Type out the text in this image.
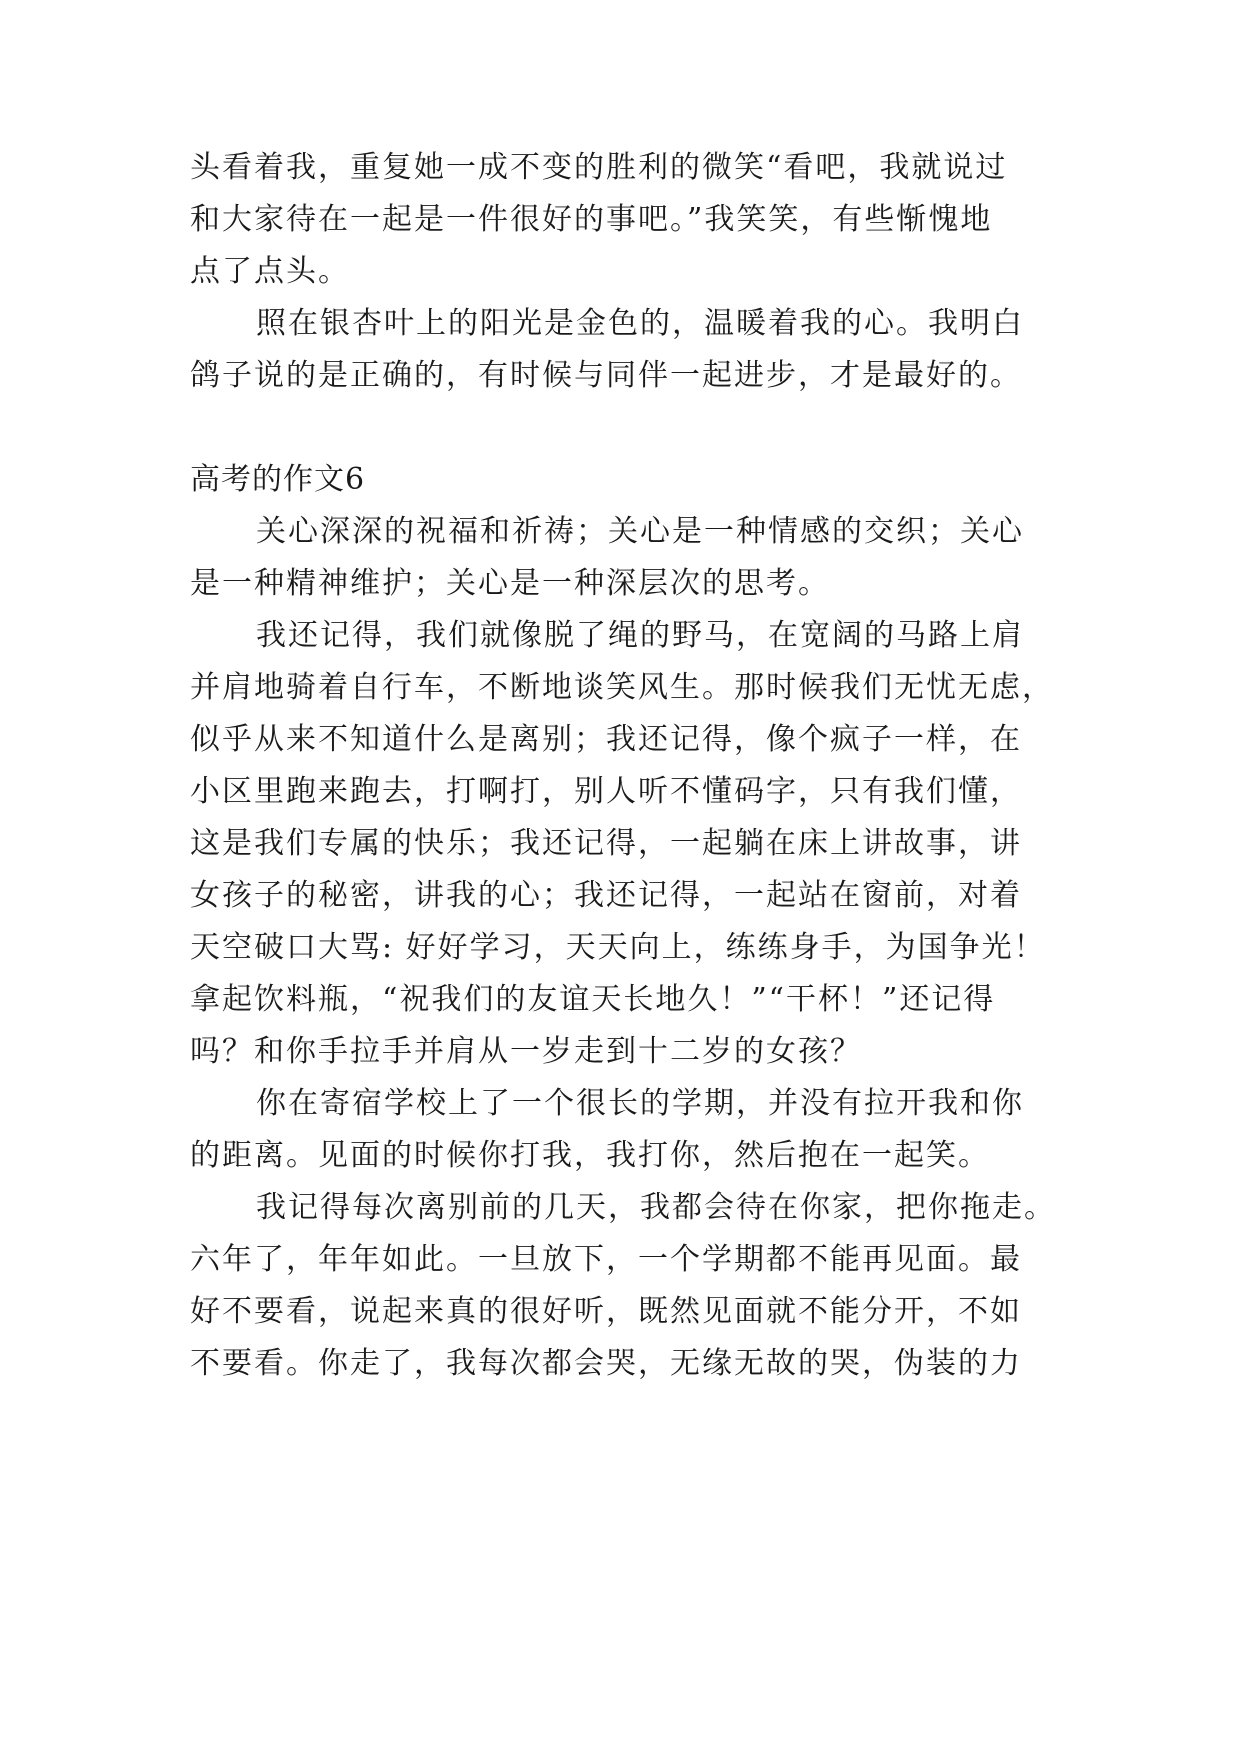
头看着我，重复她一成不变的胜利的微笑“看吧，我就说过
和大家待在一起是一件很好的事吧。”我笑笑，有些惭愧地
点了点头。
照在银杏叶上的阳光是金色的，温暖着我的心。我明白
鸽子说的是正确的，有时候与同伴一起进步，才是最好的。
高考的作文6
关心深深的祝福和祈祷；关心是一种情感的交织；关心
是一种精神维护；关心是一种深层次的思考。
我还记得，我们就像脱了绳的野马，在宽阔的马路上肩
并肩地骑着自行车，不断地谈笑风生。那时候我们无忧无虑，
似乎从来不知道什么是离别；我还记得，像个疯子一样，在
小区里跑来跑去，打啊打，别人听不懂码字，只有我们懂，
这是我们专属的快乐；我还记得，一起躺在床上讲故事，讲
女孩子的秘密，讲我的心；我还记得，一起站在窗前，对着
天空破口大骂: 好好学习，天天向上，练练身手，为国争光！
拿起饮料瓶，“祝我们的友谊天长地久！”“干杯！”还记得
吗？和你手拉手并肩从一岁走到十二岁的女孩？
你在寄宿学校上了一个很长的学期，并没有拉开我和你
的距离。见面的时候你打我，我打你，然后抱在一起笑。
我记得每次离别前的几天，我都会待在你家，把你拖走。
六年了，年年如此。一旦放下，一个学期都不能再见面。最
好不要看，说起来真的很好听，既然见面就不能分开，不如
不要看。你走了，我每次都会哭，无缘无故的哭，伪装的力
